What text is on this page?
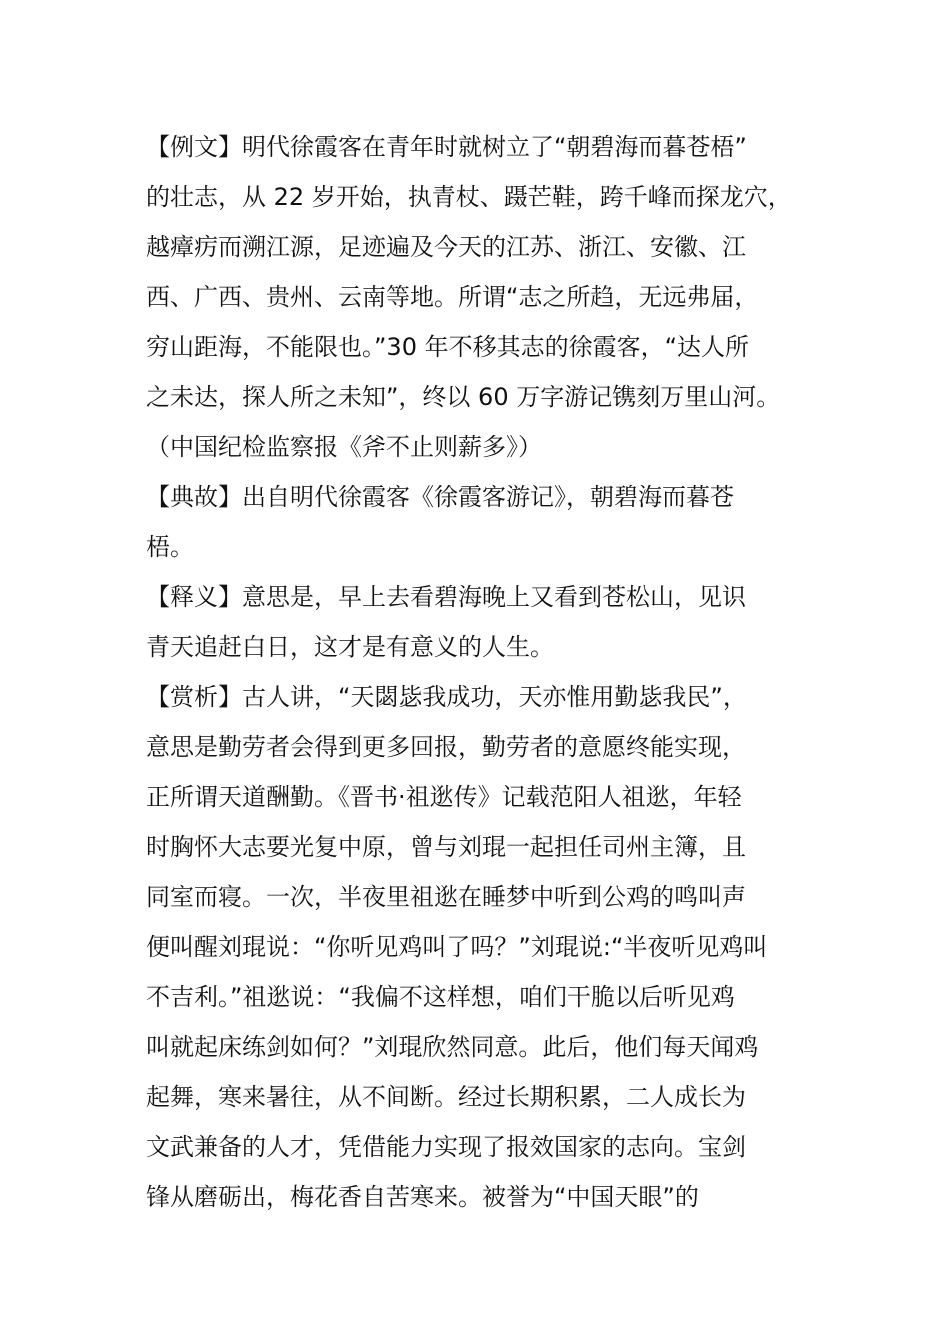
【例文】明代徐霞客在青年时就树立了“朝碧海而暮苍梧”
的壮志，从 22 岁开始，执青杖、蹑芒鞋，跨千峰而探龙穴，
越瘴疠而溯江源，足迹遍及今天的江苏、浙江、安徽、江
西、广西、贵州、云南等地。所谓“志之所趋，无远弗届，
穷山距海，不能限也。”30 年不移其志的徐霞客，“达人所
之未达，探人所之未知”，终以 60 万字游记镌刻万里山河。
（中国纪检监察报《斧不止则薪多》）
【典故】出自明代徐霞客《徐霞客游记》，朝碧海而暮苍
梧。
【释义】意思是，早上去看碧海晚上又看到苍松山，见识
青天追赶白日，这才是有意义的人生。
【赏析】古人讲，“天閟毖我成功，天亦惟用勤毖我民”，
意思是勤劳者会得到更多回报，勤劳者的意愿终能实现，
正所谓天道酬勤。《晋书·祖逖传》记载范阳人祖逖，年轻
时胸怀大志要光复中原，曾与刘琨一起担任司州主簿，且
同室而寝。一次，半夜里祖逖在睡梦中听到公鸡的鸣叫声
便叫醒刘琨说：“你听见鸡叫了吗？”刘琨说:“半夜听见鸡叫
不吉利。”祖逖说：“我偏不这样想，咱们干脆以后听见鸡
叫就起床练剑如何？”刘琨欣然同意。此后，他们每天闻鸡
起舞，寒来暑往，从不间断。经过长期积累，二人成长为
文武兼备的人才，凭借能力实现了报效国家的志向。宝剑
锋从磨砺出，梅花香自苦寒来。被誉为“中国天眼”的
